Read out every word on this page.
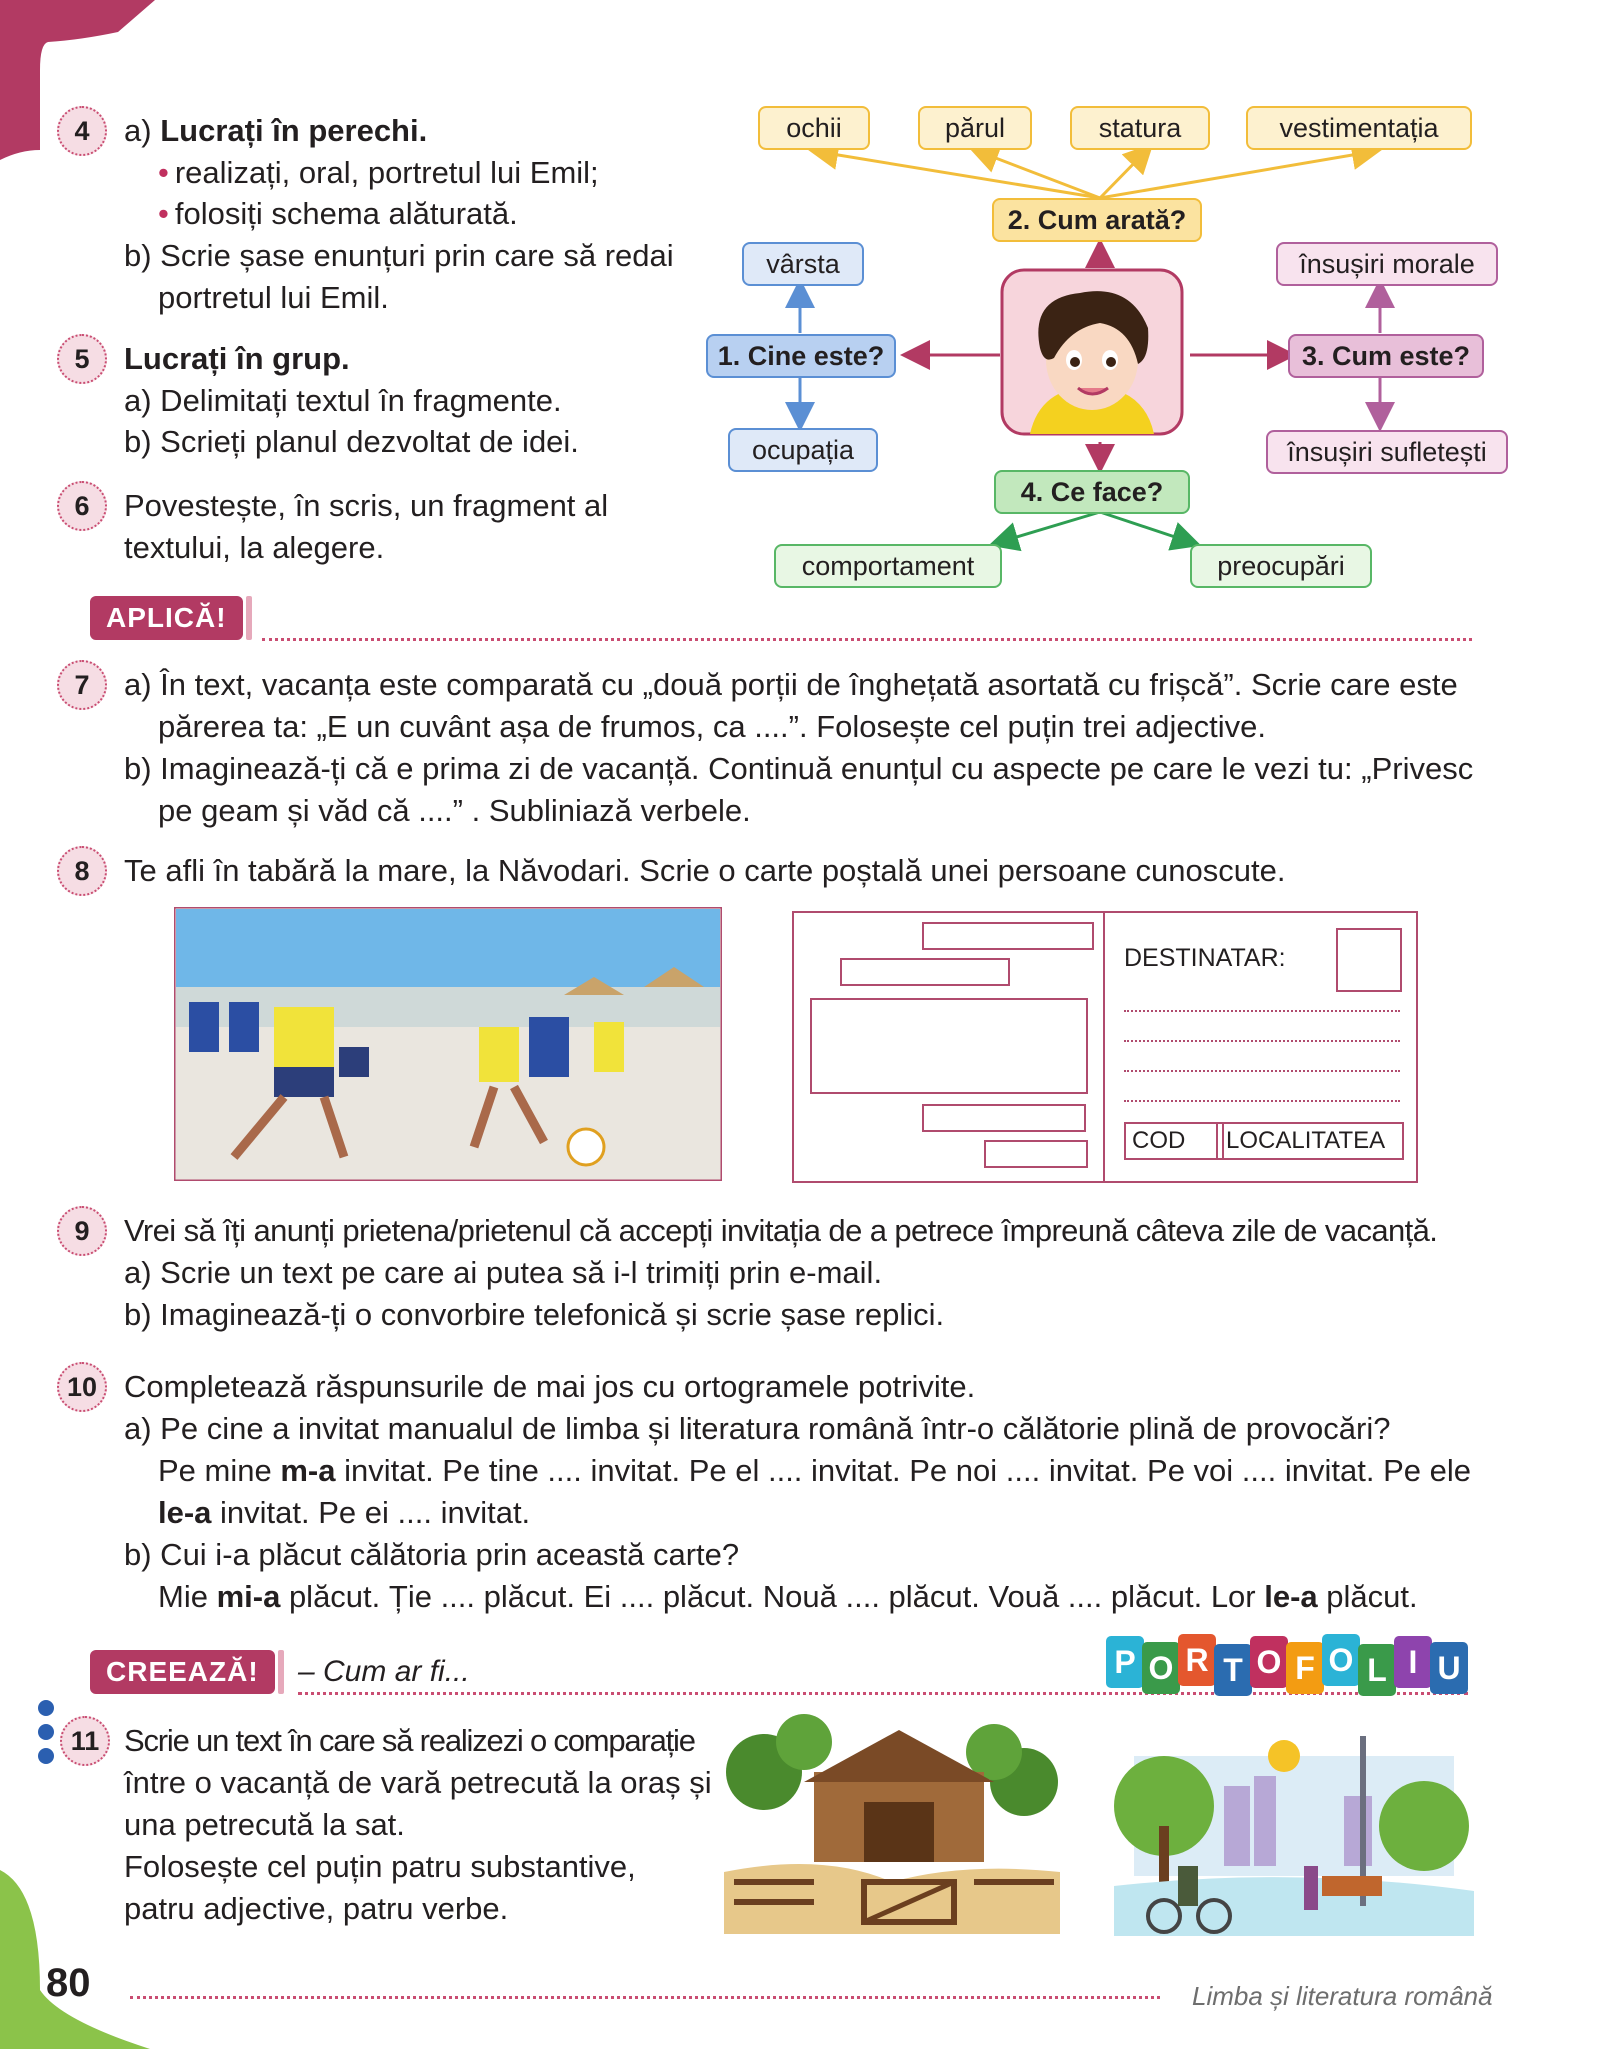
4	a) Lucrați în perechi.
• realizați, oral, portretul lui Emil;
• folosiți schema alăturată.
b) Scrie șase enunțuri prin care să redai
portretul lui Emil.
5	Lucrați în grup.
a) Delimitați textul în fragmente.
b) Scrieți planul dezvoltat de idei.
6	Povestește, în scris, un fragment al
textului, la alegere.
ochii	părul	statura	vestimentația
2. Cum arată?
vârsta
1. Cine este?
ocupația
însușiri morale
3. Cum este?
însușiri sufletești
4. Ce face?
comportament	preocupări
APLICĂ!
7	a) În text, vacanța este comparată cu „două porții de înghețată asortată cu frișcă”. Scrie care este
părerea ta: „E un cuvânt așa de frumos, ca ....”. Folosește cel puțin trei adjective.
b) Imaginează-ți că e prima zi de vacanță. Continuă enunțul cu aspecte pe care le vezi tu: „Privesc
pe geam și văd că ....” . Subliniază verbele.
8	Te afli în tabără la mare, la Năvodari. Scrie o carte poștală unei persoane cunoscute.
DESTINATAR:
COD	LOCALITATEA
9	Vrei să îți anunți prietena/prietenul că accepți invitația de a petrece împreună câteva zile de vacanță.
a) Scrie un text pe care ai putea să i-l trimiți prin e-mail.
b) Imaginează-ți o convorbire telefonică și scrie șase replici.
10 Completează răspunsurile de mai jos cu ortogramele potrivite.
a) Pe cine a invitat manualul de limba și literatura română într-o călătorie plină de provocări?
Pe mine m-a invitat. Pe tine .... invitat. Pe el .... invitat. Pe noi .... invitat. Pe voi .... invitat. Pe ele
le-a invitat. Pe ei .... invitat.
b) Cui i-a plăcut călătoria prin această carte?
Mie mi-a plăcut. Ție .... plăcut. Ei .... plăcut. Nouă .... plăcut. Vouă .... plăcut. Lor le-a plăcut.
CREEAZĂ!	– Cum ar fi...	P O R T O F O L I U
11 Scrie un text în care să realizezi o comparație
între o vacanță de vară petrecută la oraș și
una petrecută la sat.
Folosește cel puțin patru substantive,
patru adjective, patru verbe.
80	Limba și literatura română
